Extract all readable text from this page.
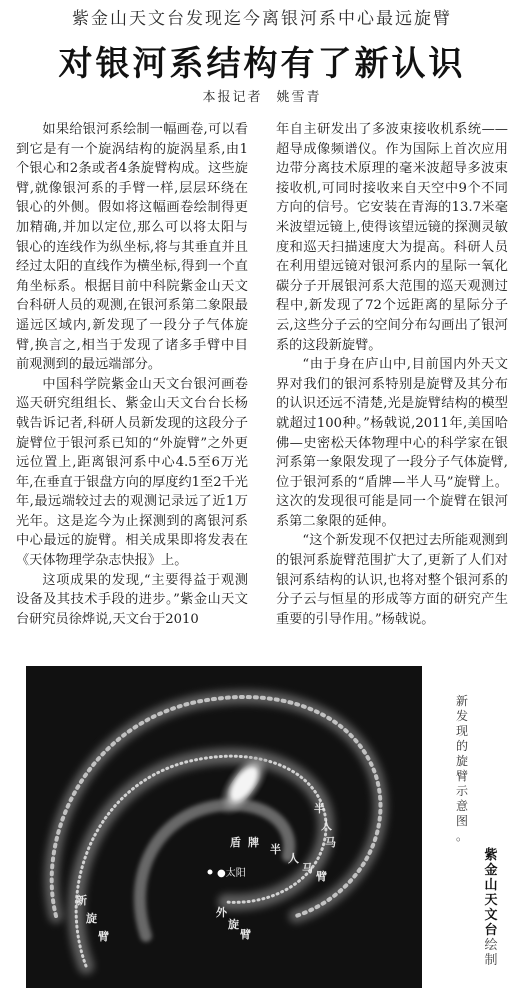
紫金山天文台发现迄今离银河系中心最远旋臂
对银河系结构有了新认识
本报记者 姚雪青

如果给银河系绘制一幅画卷,可以看到它是有一个旋涡结构的旋涡星系,由1个银心和2条或者4条旋臂构成。这些旋臂,就像银河系的手臂一样,层层环绕在银心的外侧。假如将这幅画卷绘制得更加精确,并加以定位,那么可以将太阳与银心的连线作为纵坐标,将与其垂直并且经过太阳的直线作为横坐标,得到一个直角坐标系。根据目前中科院紫金山天文台科研人员的观测,在银河系第二象限最遥远区域内,新发现了一段分子气体旋臂,换言之,相当于发现了诸多手臂中目前观测到的最远端部分。

中国科学院紫金山天文台银河画卷巡天研究组组长、紫金山天文台台长杨戟告诉记者,科研人员新发现的这段分子旋臂位于银河系已知的“外旋臂”之外更远位置上,距离银河系中心4.5至6万光年,在垂直于银盘方向的厚度约1至2千光年,最远端较过去的观测记录远了近1万光年。这是迄今为止探测到的离银河系中心最远的旋臂。相关成果即将发表在《天体物理学杂志快报》上。

这项成果的发现,“主要得益于观测设备及其技术手段的进步。”紫金山天文台研究员徐烨说,天文台于2010

年自主研发出了多波束接收机系统——超导成像频谱仪。作为国际上首次应用边带分离技术原理的毫米波超导多波束接收机,可同时接收来自天空中9个不同方向的信号。它安装在青海的13.7米毫米波望远镜上,使得该望远镜的探测灵敏度和巡天扫描速度大为提高。科研人员在利用望远镜对银河系内的星际一氧化碳分子开展银河系大范围的巡天观测过程中,新发现了72个远距离的星际分子云,这些分子云的空间分布勾画出了银河系的这段新旋臂。

“由于身在庐山中,目前国内外天文界对我们的银河系特别是旋臂及其分布的认识还远不清楚,光是旋臂结构的模型就超过100种。”杨戟说,2011年,美国哈佛—史密松天体物理中心的科学家在银河系第一象限发现了一段分子气体旋臂,位于银河系的“盾牌—半人马”旋臂上。这次的发现很可能是同一个旋臂在银河系第二象限的延伸。

“这个新发现不仅把过去所能观测到的银河系旋臂范围扩大了,更新了人们对银河系结构的认识,也将对整个银河系的分子云与恒星的形成等方面的研究产生重要的引导作用。”杨戟说。

●太阳
半
人
马
盾 牌
半
人
马
臂
外
旋
臂
新
旋
臂
新
发
现
的
旋
臂
示
意
图
。
紫
金
山
天
文
台
绘
制
